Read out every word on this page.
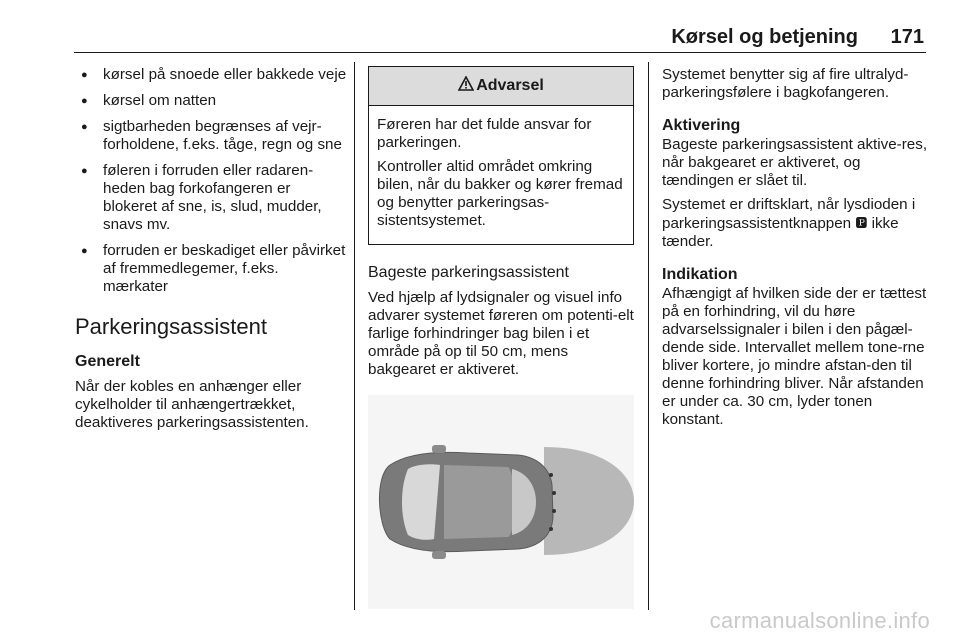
Kørsel og betjening 171
● kørsel på snoede eller bakkede veje
● kørsel om natten
● sigtbarheden begrænses af vejr-forholdene, f.eks. tåge, regn og sne
● føleren i forruden eller radaren-heden bag forkofangeren er blokeret af sne, is, slud, mudder, snavs mv.
● forruden er beskadiget eller påvirket af fremmedlegemer, f.eks. mærkater
Parkeringsassistent
Generelt

Når der kobles en anhænger eller cykelholder til anhængertrækket, deaktiveres parkeringsassistenten.

Advarsel

Føreren har det fulde ansvar for parkeringen.

Kontroller altid området omkring bilen, når du bakker og kører fremad og benytter parkeringsas-sistentsystemet.

Bageste parkeringsassistent

Ved hjælp af lydsignaler og visuel info advarer systemet føreren om potenti-elt farlige forhindringer bag bilen i et område på op til 50 cm, mens bakgearet er aktiveret.

Systemet benytter sig af fire ultralyd-parkeringsfølere i bagkofangeren.

Aktivering

Bageste parkeringsassistent aktive-res, når bakgearet er aktiveret, og tændingen er slået til.

Systemet er driftsklart, når lysdioden i parkeringsassistentknappen 🅿 ikke tænder.

Indikation

Afhængigt af hvilken side der er tættest på en forhindring, vil du høre advarselssignaler i bilen i den pågæl-dende side. Intervallet mellem tone-rne bliver kortere, jo mindre afstan-den til denne forhindring bliver. Når afstanden er under ca. 30 cm, lyder tonen konstant.

carmanualsonline.info
